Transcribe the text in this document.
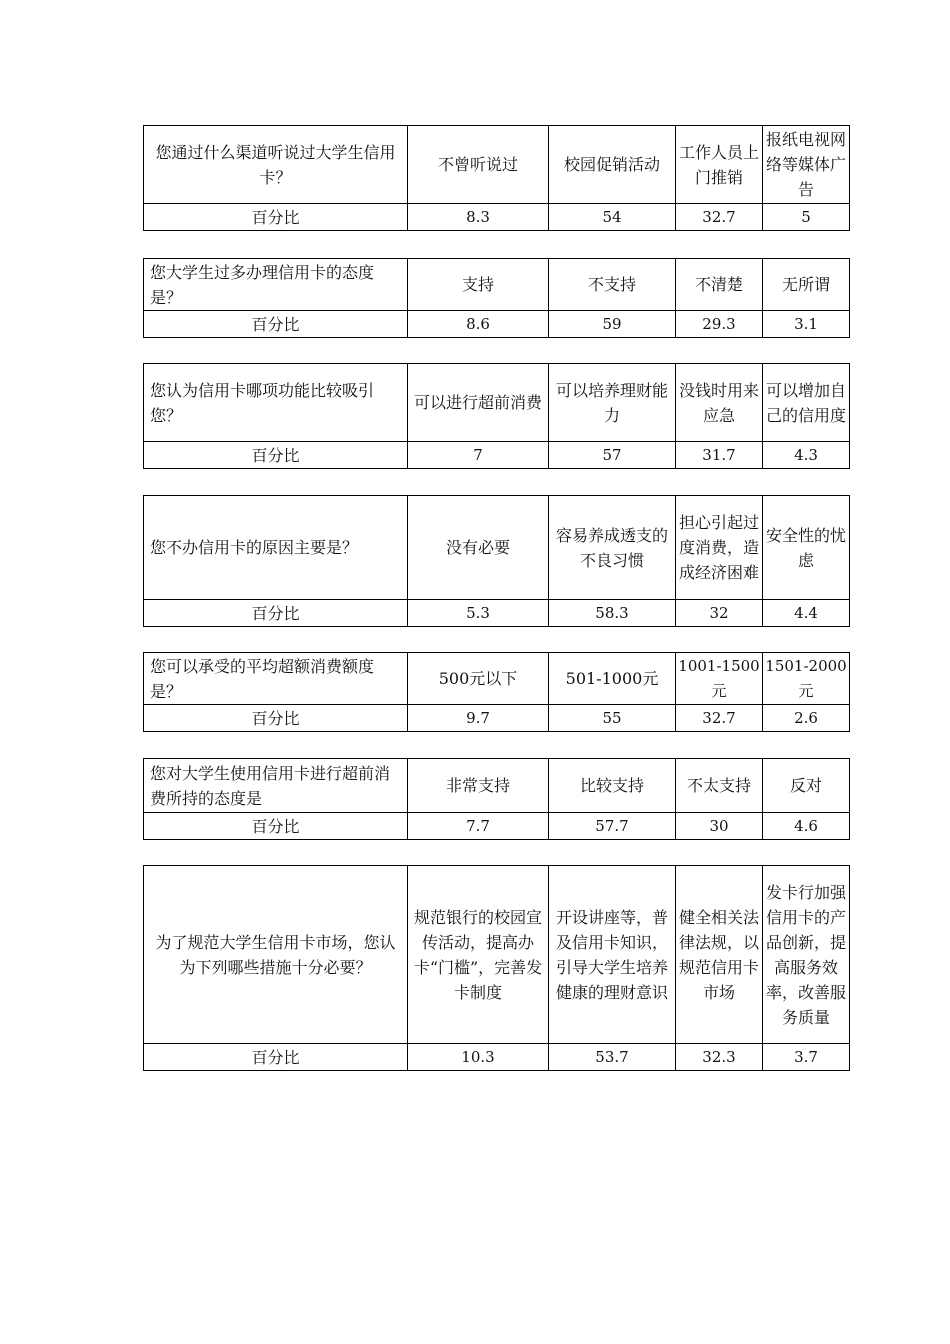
您通过什么渠道听说过大学生信用卡？	不曾听说过	校园促销活动	工作人员上门推销	报纸电视网络等媒体广告
百分比	8.3	54	32.7	5
您大学生过多办理信用卡的态度是？	支持	不支持	不清楚	无所谓
百分比	8.6	59	29.3	3.1
您认为信用卡哪项功能比较吸引您？	可以进行超前消费	可以培养理财能力	没钱时用来应急	可以增加自己的信用度
百分比	7	57	31.7	4.3
您不办信用卡的原因主要是？	没有必要	容易养成透支的不良习惯	担心引起过度消费，造成经济困难	安全性的忧虑
百分比	5.3	58.3	32	4.4
您可以承受的平均超额消费额度是？	500元以下	501-1000元	1001-1500元	1501-2000元
百分比	9.7	55	32.7	2.6
您对大学生使用信用卡进行超前消费所持的态度是	非常支持	比较支持	不太支持	反对
百分比	7.7	57.7	30	4.6
为了规范大学生信用卡市场，您认为下列哪些措施十分必要？	规范银行的校园宣传活动，提高办卡“门槛”，完善发卡制度	开设讲座等，普及信用卡知识，引导大学生培养健康的理财意识	健全相关法律法规，以规范信用卡市场	发卡行加强信用卡的产品创新，提高服务效率，改善服务质量
百分比	10.3	53.7	32.3	3.7
